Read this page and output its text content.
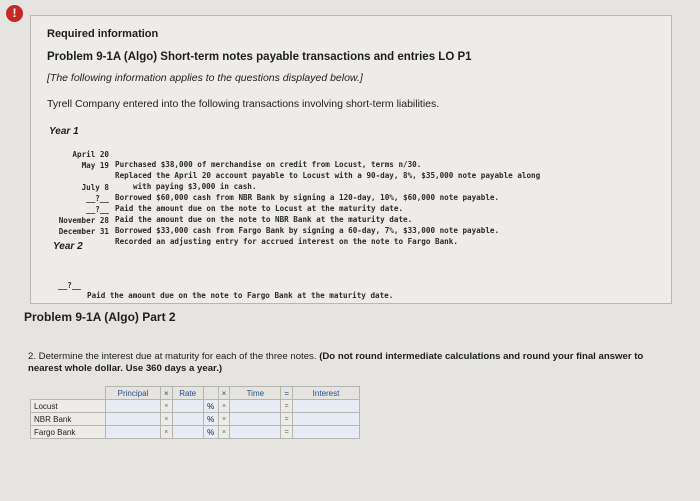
!
Required information
Problem 9-1A (Algo) Short-term notes payable transactions and entries LO P1
[The following information applies to the questions displayed below.]
Tyrell Company entered into the following transactions involving short-term liabilities.
Year 1

April 20

Purchased $38,000 of merchandise on credit from Locust, terms n/30.

May 19

Replaced the April 20 account payable to Locust with a 90-day, 8%, $35,000 note payable along

with paying $3,000 in cash.

July 8

Borrowed $60,000 cash from NBR Bank by signing a 120-day, 10%, $60,000 note payable.

__?__

Paid the amount due on the note to Locust at the maturity date.

__?__

Paid the amount due on the note to NBR Bank at the maturity date.

November 28

Borrowed $33,000 cash from Fargo Bank by signing a 60-day, 7%, $33,000 note payable.

December 31

Recorded an adjusting entry for accrued interest on the note to Fargo Bank.

Year 2

__?__

Paid the amount due on the note to Fargo Bank at the maturity date.

Problem 9-1A (Algo) Part 2
2. Determine the interest due at maturity for each of the three notes. (Do not round intermediate calculations and round your final answer to nearest whole dollar. Use 360 days a year.)
	Principal	×	Rate		×	Time	=	Interest
Locust		×		%	×		=	
NBR Bank		×		%	×		=	
Fargo Bank		×		%	×		=	
